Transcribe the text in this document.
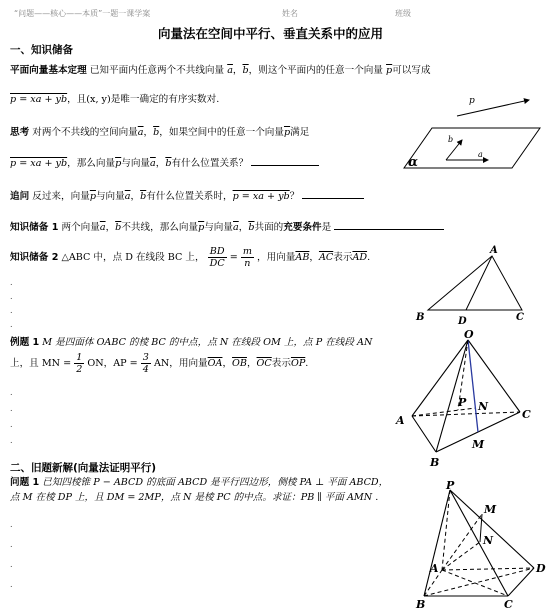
“问题——核心——本质”一题一课学案	姓名	班级
向量法在空间中平行、垂直关系中的应用
一、知识储备
平面向量基本定理 已知平面内任意两个不共线向量 $\overline{a}$，$\overline{b}$，则这个平面内的任意一个向量 $\overline{p}$可以写成
p = xa + yb，且(x, y)是唯一确定的有序实数对.
思考 对两个不共线的空间向量$\overline{a}$，$\overline{b}$，如果空间中的任意一个向量$\overline{p}$满足
p = xa + yb，那么向量$\overline{p}$与向量$\overline{a}$，$\overline{b}$有什么位置关系？
追问 反过来，向量$\overline{p}$与向量$\overline{a}$，$\overline{b}$有什么位置关系时，p = xa + yb？
知识储备 1 两个向量$\overline{a}$，$\overline{b}$不共线，那么向量$\overline{p}$与向量$\overline{a}$，$\overline{b}$共面的充要条件是
知识储备 2 △ABC 中，点 D 在线段 BC 上， $\frac{BD}{DC} = \frac{m}{n}$ ，用向量$\overline{AB}$，$\overline{AC}$表示$\overline{AD}$.
.
.
.
.
例题 1 M 是四面体 OABC 的棱 BC 的中点，点 N 在线段 OM 上，点 P 在线段 AN
上，且 MN = $\frac{1}{2}$ ON，AP = $\frac{3}{4}$ AN，用向量$\overline{OA}$，$\overline{OB}$，$\overline{OC}$表示$\overline{OP}$.
.
.
.
.
二、旧题新解(向量法证明平行)
问题 1 已知四棱锥 P − ABCD 的底面 ABCD 是平行四边形，侧棱 PA ⊥ 平面 ABCD，
点 M 在棱 DP 上，且 DM = 2MP，点 N 是棱 PC 的中点。求证：PB ∥ 平面 AMN .
.
.
.
.
p
α
a
b
A
B	C
D
O
A
B
C
P N
M
P
M
N
A
B	C
D
